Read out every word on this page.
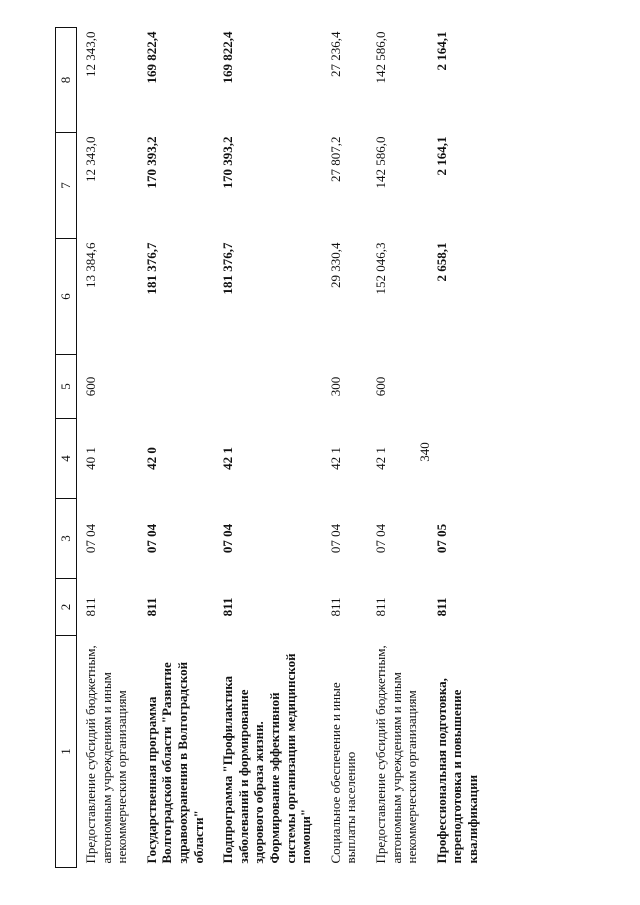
340
1	2	3	4	5	6	7	8
Предоставление субсидий бюджетным, автономным учреждениям и иным некоммерческим организациям	811	07 04	40 1	600	13 384,6	12 343,0	12 343,0
Государственная программа Волгоградской области "Развитие здравоохранения в Волгоградской области"	811	07 04	42 0		181 376,7	170 393,2	169 822,4
Подпрограмма "Профилактика заболеваний и формирование здорового образа жизни. Формирование эффективной системы организации медицинской помощи"	811	07 04	42 1		181 376,7	170 393,2	169 822,4
Социальное обеспечение и иные выплаты населению	811	07 04	42 1	300	29 330,4	27 807,2	27 236,4
Предоставление субсидий бюджетным, автономным учреждениям и иным некоммерческим организациям	811	07 04	42 1	600	152 046,3	142 586,0	142 586,0
Профессиональная подготовка, переподготовка и повышение квалификации	811	07 05			2 658,1	2 164,1	2 164,1
